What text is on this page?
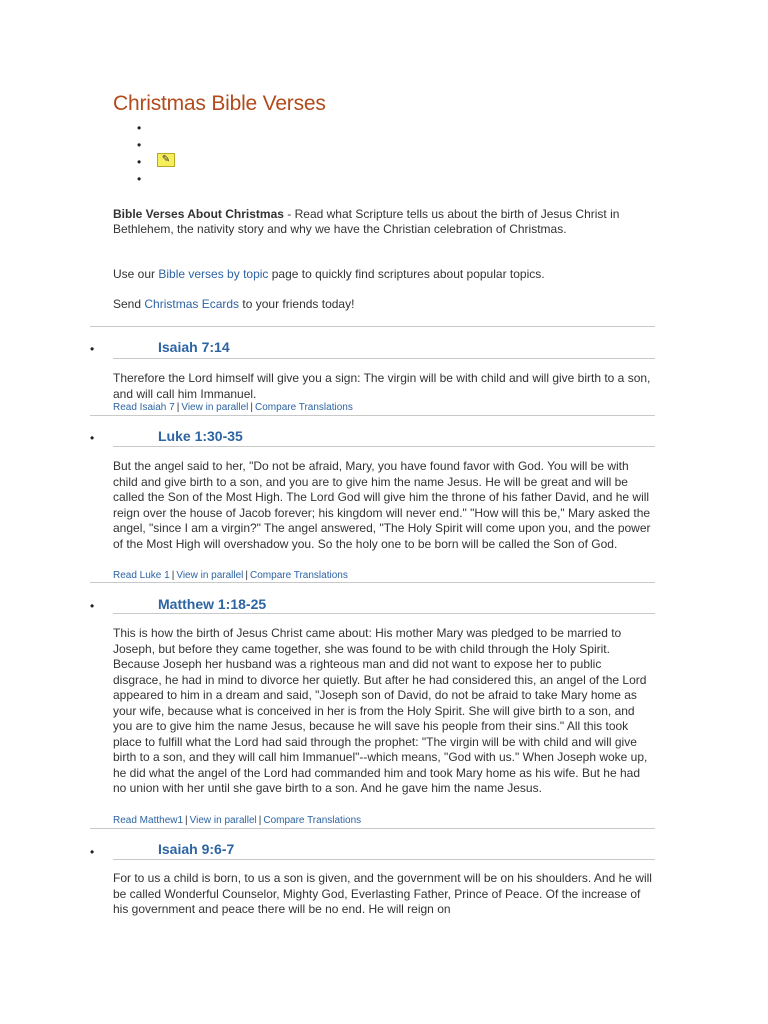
Christmas Bible Verses
✎

Bible Verses About Christmas - Read what Scripture tells us about the birth of Jesus Christ in Bethlehem, the nativity story and why we have the Christian celebration of Christmas.

Use our Bible verses by topic page to quickly find scriptures about popular topics.

Send Christmas Ecards to your friends today!

•	Isaiah 7:14

Therefore the Lord himself will give you a sign: The virgin will be with child and will give birth to a son, and will call him Immanuel.

Read Isaiah 7 | View in parallel | Compare Translations

•	Luke 1:30-35

But the angel said to her, "Do not be afraid, Mary, you have found favor with God. You will be with child and give birth to a son, and you are to give him the name Jesus. He will be great and will be called the Son of the Most High. The Lord God will give him the throne of his father David, and he will reign over the house of Jacob forever; his kingdom will never end." "How will this be," Mary asked the angel, "since I am a virgin?" The angel answered, "The Holy Spirit will come upon you, and the power of the Most High will overshadow you. So the holy one to be born will be called the Son of God.

Read Luke 1 | View in parallel | Compare Translations

•	Matthew 1:18-25

This is how the birth of Jesus Christ came about: His mother Mary was pledged to be married to Joseph, but before they came together, she was found to be with child through the Holy Spirit. Because Joseph her husband was a righteous man and did not want to expose her to public disgrace, he had in mind to divorce her quietly. But after he had considered this, an angel of the Lord appeared to him in a dream and said, "Joseph son of David, do not be afraid to take Mary home as your wife, because what is conceived in her is from the Holy Spirit. She will give birth to a son, and you are to give him the name Jesus, because he will save his people from their sins." All this took place to fulfill what the Lord had said through the prophet: "The virgin will be with child and will give birth to a son, and they will call him Immanuel"--which means, "God with us." When Joseph woke up, he did what the angel of the Lord had commanded him and took Mary home as his wife. But he had no union with her until she gave birth to a son. And he gave him the name Jesus.

Read Matthew1 | View in parallel | Compare Translations

•	Isaiah 9:6-7

For to us a child is born, to us a son is given, and the government will be on his shoulders. And he will be called Wonderful Counselor, Mighty God, Everlasting Father, Prince of Peace. Of the increase of his government and peace there will be no end. He will reign on
